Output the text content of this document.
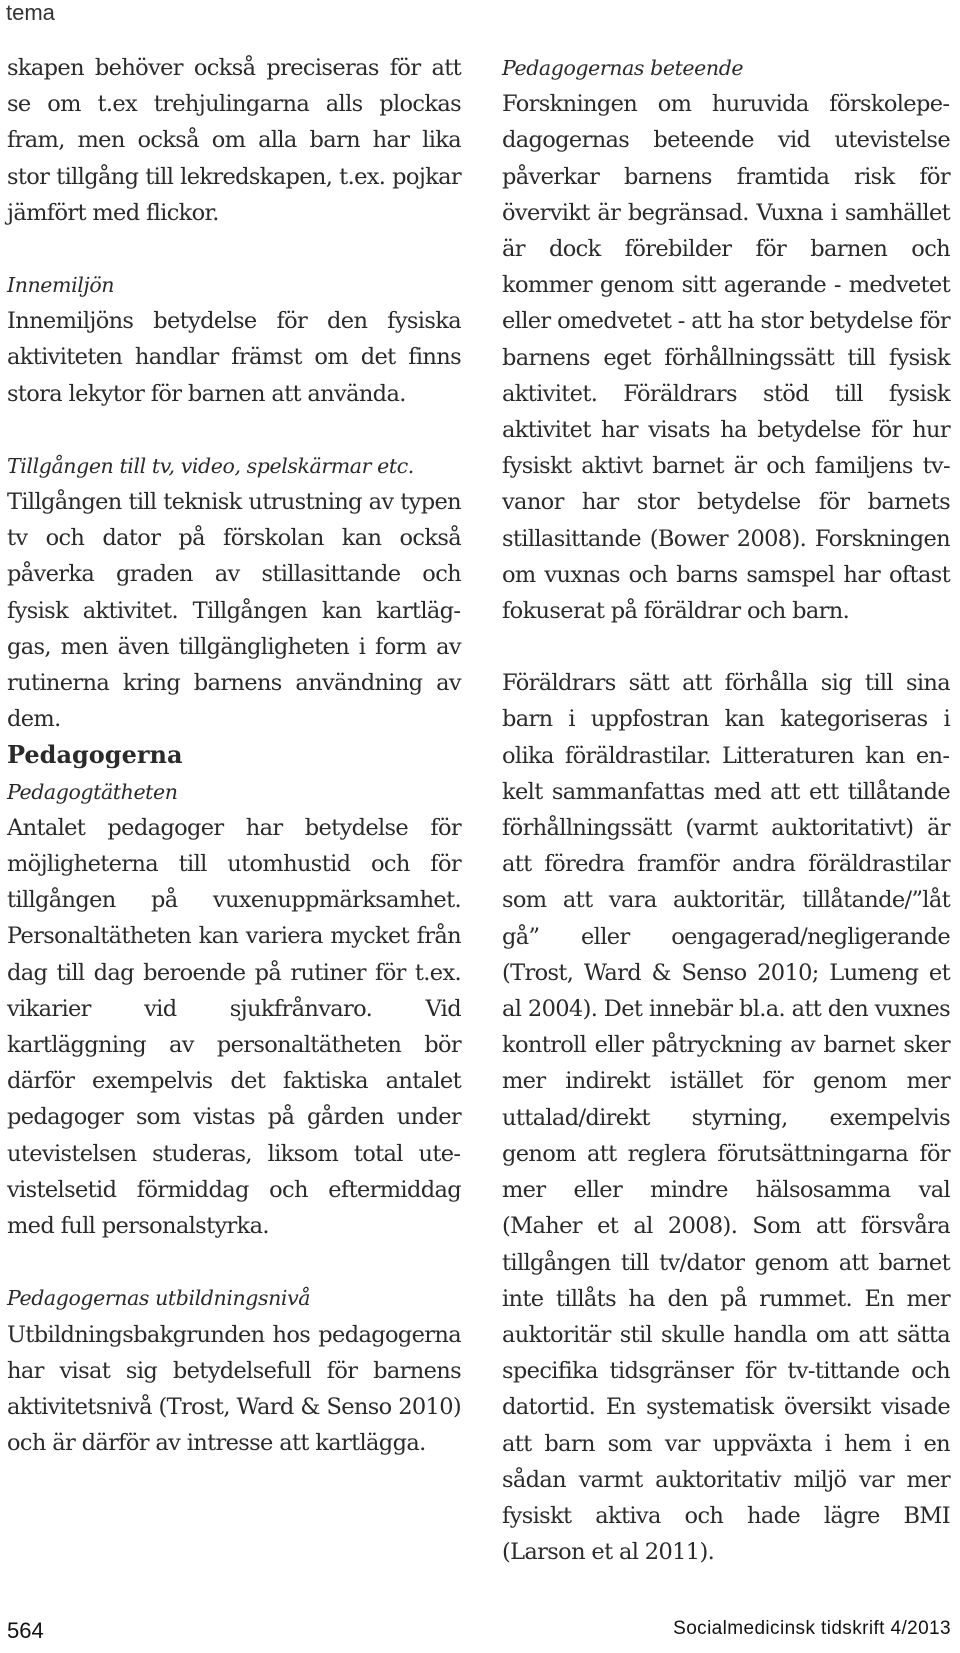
tema

skapen behöver också preciseras för att se om t.ex trehjulingarna alls plockas fram, men också om alla barn har lika stor tillgång till lekredskapen, t.ex. pojkar jämfört med flickor.

Innemiljön

Innemiljöns betydelse för den fysiska aktiviteten handlar främst om det finns stora lekytor för barnen att använda.

Tillgången till tv, video, spelskärmar etc.

Tillgången till teknisk utrustning av typen tv och dator på förskolan kan också påverka graden av stillasittande och fysisk aktivitet. Tillgången kan kartläggas, men även tillgängligheten i form av rutinerna kring barnens användning av dem.

Pedagogerna

Pedagogtätheten

Antalet pedagoger har betydelse för möjligheterna till utomhustid och för tillgången på vuxenuppmärksamhet. Personaltätheten kan variera mycket från dag till dag beroende på rutiner för t.ex. vikarier vid sjukfrånvaro. Vid kartläggning av personaltätheten bör därför exempelvis det faktiska antalet pedagoger som vistas på gården under utevistelsen studeras, liksom total utevistelsetid förmiddag och eftermiddag med full personalstyrka.

Pedagogernas utbildningsnivå

Utbildningsbakgrunden hos pedagogerna har visat sig betydelsefull för barnens aktivitetsnivå (Trost, Ward & Senso 2010) och är därför av intresse att kartlägga.

Pedagogernas beteende

Forskningen om huruvida förskolepedagogernas beteende vid utevistelse påverkar barnens framtida risk för övervikt är begränsad. Vuxna i samhället är dock förebilder för barnen och kommer genom sitt agerande - medvetet eller omedvetet - att ha stor betydelse för barnens eget förhållningssätt till fysisk aktivitet. Föräldrars stöd till fysisk aktivitet har visats ha betydelse för hur fysiskt aktivt barnet är och familjens tv-vanor har stor betydelse för barnets stillasittande (Bower 2008). Forskningen om vuxnas och barns samspel har oftast fokuserat på föräldrar och barn.

Föräldrars sätt att förhålla sig till sina barn i uppfostran kan kategoriseras i olika föräldrastilar. Litteraturen kan enkelt sammanfattas med att ett tillåtande förhållningssätt (varmt auktoritativt) är att föredra framför andra föräldrastilar som att vara auktoritär, tillåtande/”låt gå” eller oengagerad/negligerande (Trost, Ward & Senso 2010; Lumeng et al 2004). Det innebär bl.a. att den vuxnes kontroll eller påtryckning av barnet sker mer indirekt istället för genom mer uttalad/direkt styrning, exempelvis genom att reglera förutsättningarna för mer eller mindre hälsosamma val (Maher et al 2008). Som att försvåra tillgången till tv/dator genom att barnet inte tillåts ha den på rummet. En mer auktoritär stil skulle handla om att sätta specifika tidsgränser för tv-tittande och datortid. En systematisk översikt visade att barn som var uppväxta i hem i en sådan varmt auktoritativ miljö var mer fysiskt aktiva och hade lägre BMI (Larson et al 2011).

564	Socialmedicinsk tidskrift 4/2013
